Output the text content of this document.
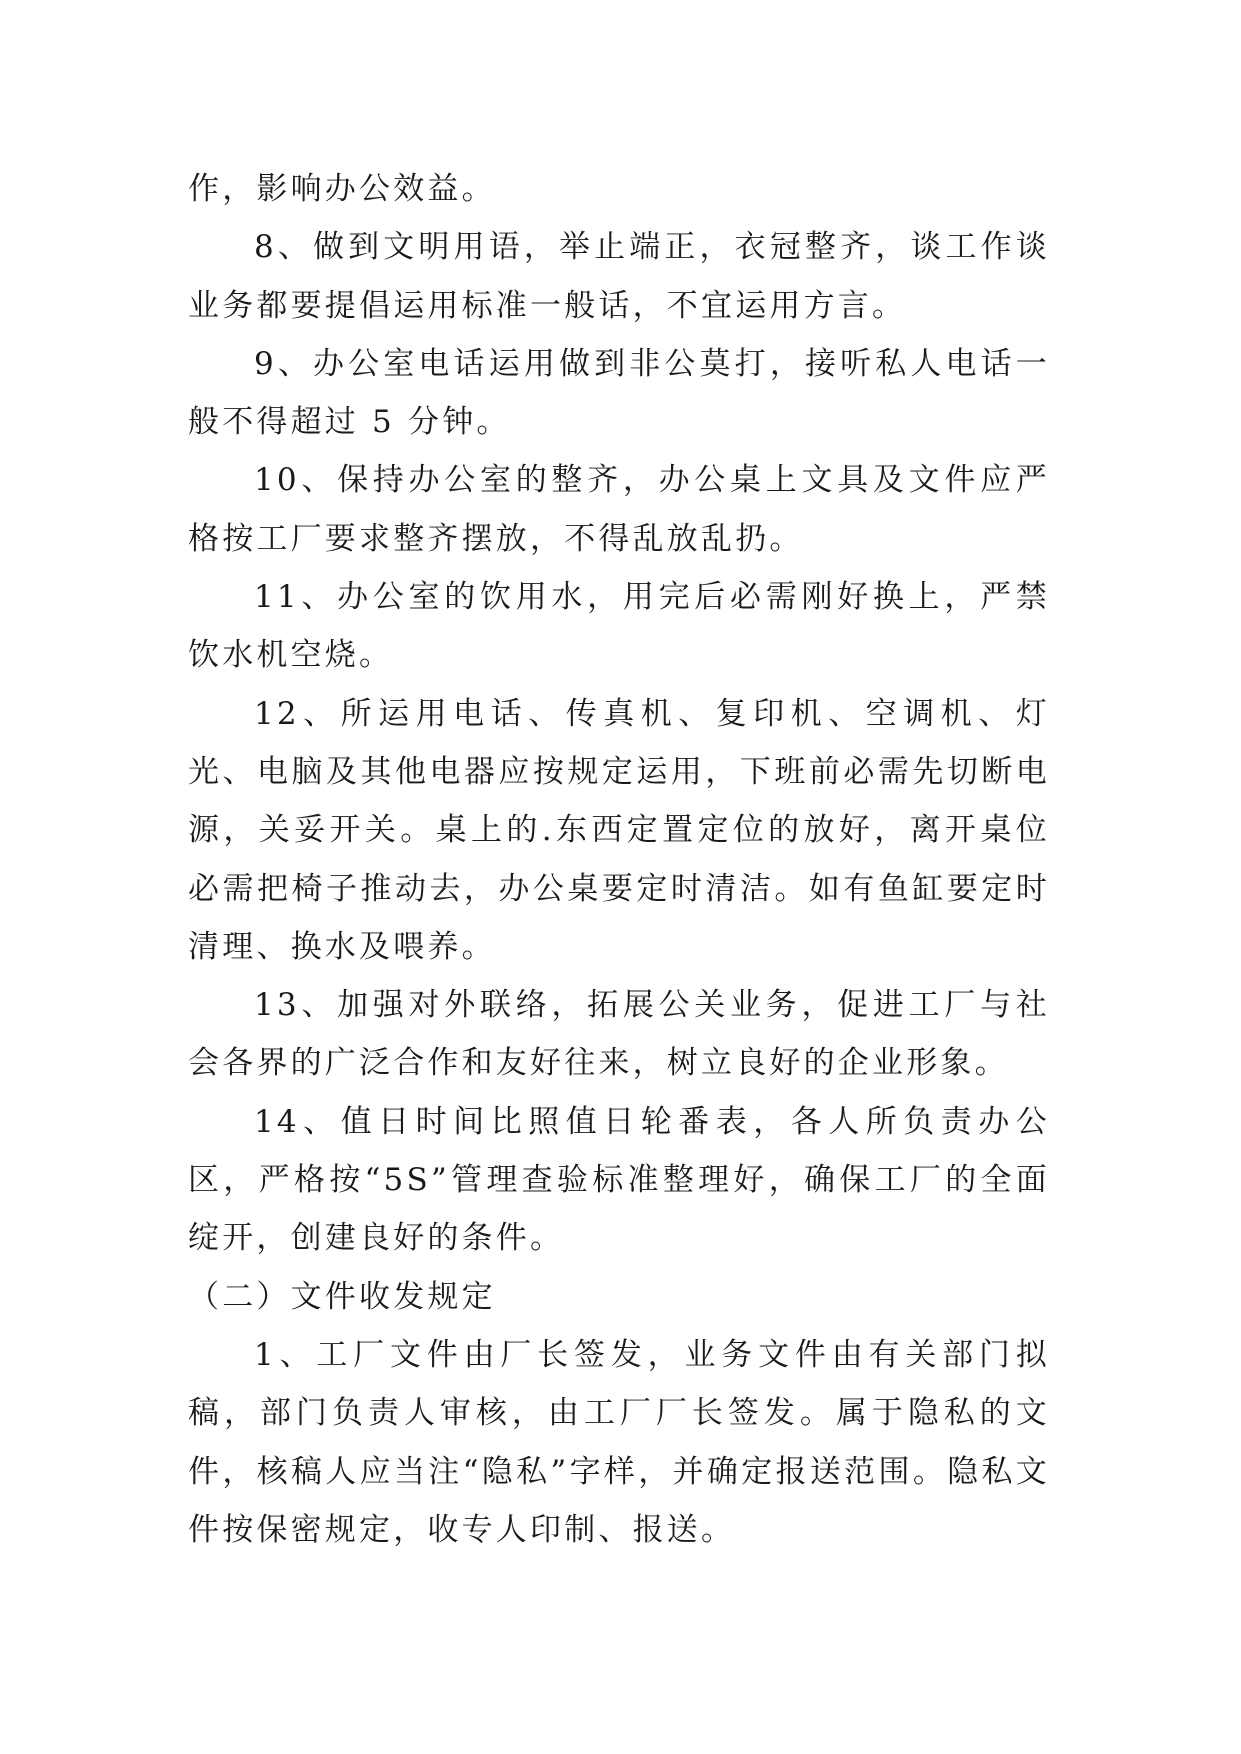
作，影响办公效益。

8、做到文明用语，举止端正，衣冠整齐，谈工作谈业务都要提倡运用标准一般话，不宜运用方言。

9、办公室电话运用做到非公莫打，接听私人电话一般不得超过 5 分钟。

10、保持办公室的整齐，办公桌上文具及文件应严格按工厂要求整齐摆放，不得乱放乱扔。

11、办公室的饮用水，用完后必需刚好换上，严禁饮水机空烧。

12、所运用电话、传真机、复印机、空调机、灯光、电脑及其他电器应按规定运用，下班前必需先切断电源，关妥开关。桌上的.东西定置定位的放好，离开桌位必需把椅子推动去，办公桌要定时清洁。如有鱼缸要定时清理、换水及喂养。

13、加强对外联络，拓展公关业务，促进工厂与社会各界的广泛合作和友好往来，树立良好的企业形象。

14、值日时间比照值日轮番表，各人所负责办公区，严格按“5S”管理查验标准整理好，确保工厂的全面绽开，创建良好的条件。

（二）文件收发规定

1、工厂文件由厂长签发，业务文件由有关部门拟稿，部门负责人审核，由工厂厂长签发。属于隐私的文件，核稿人应当注“隐私”字样，并确定报送范围。隐私文件按保密规定，收专人印制、报送。
